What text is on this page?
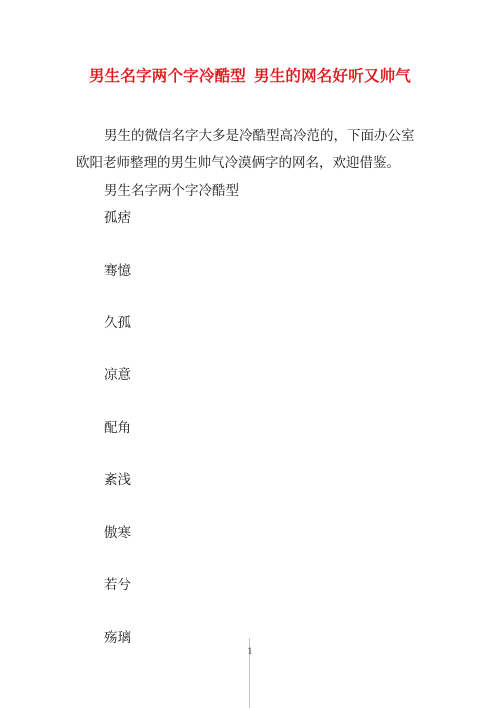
男生名字两个字冷酷型 男生的网名好听又帅气
男生的微信名字大多是冷酷型高冷范的，下面办公室
欧阳老师整理的男生帅气冷漠俩字的网名，欢迎借鉴。
男生名字两个字冷酷型
孤痞
骞憶
久孤
凉意
配角
紊浅
傲寒
若兮
殇璃
1
